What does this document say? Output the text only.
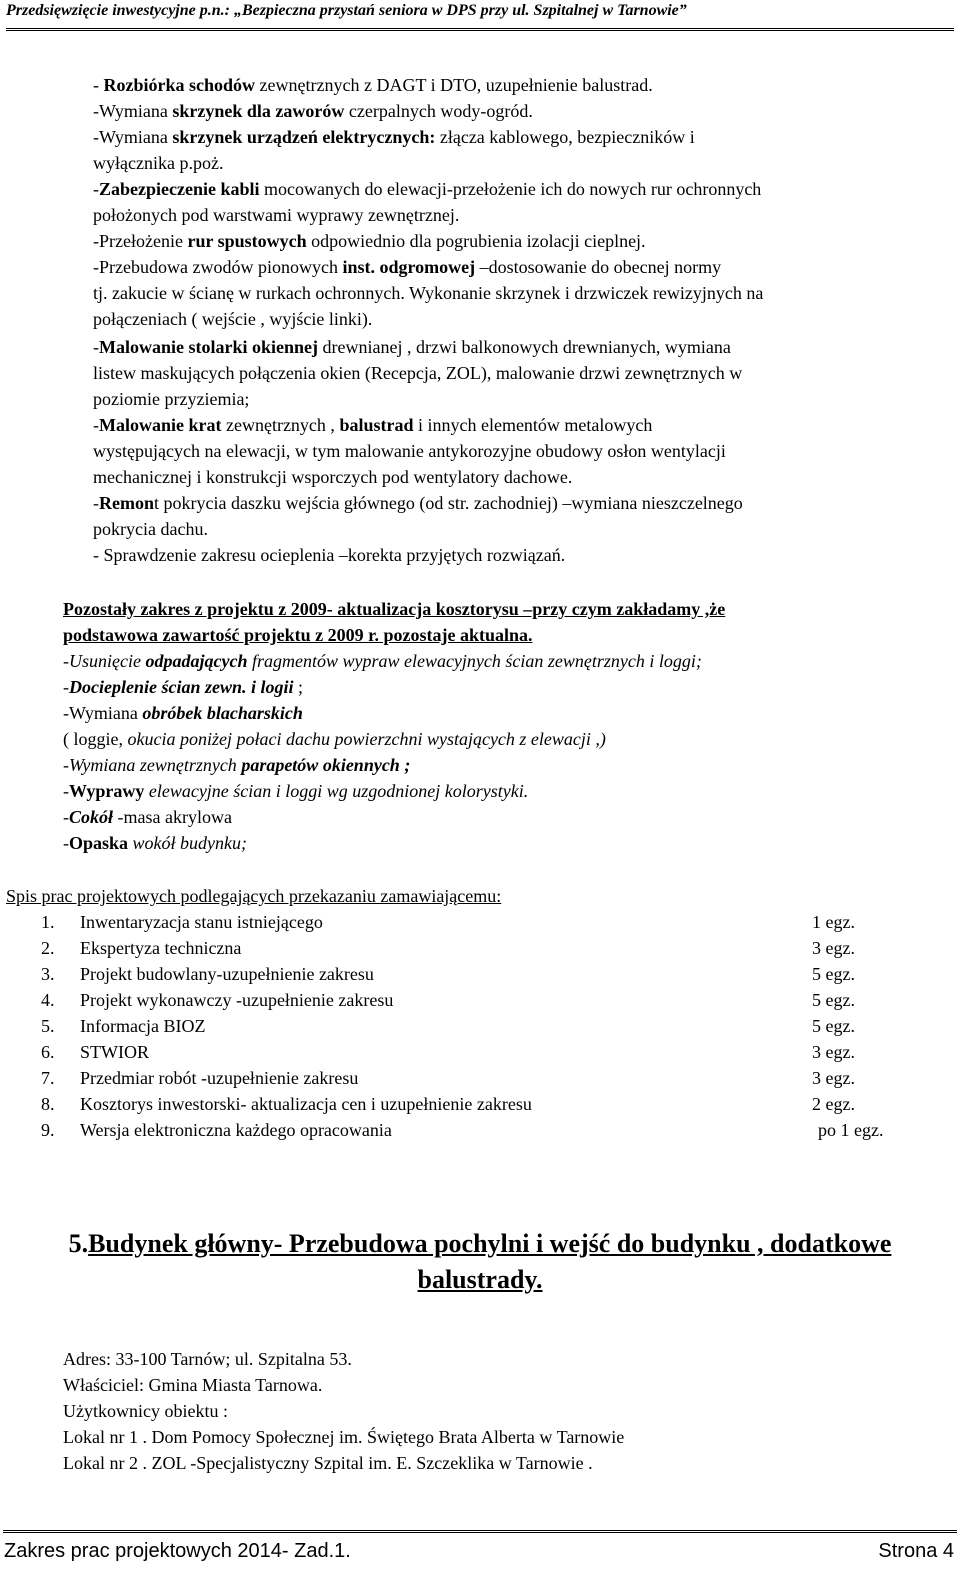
Przedsięwzięcie inwestycyjne p.n.: „Bezpieczna przystań seniora w DPS przy ul. Szpitalnej w Tarnowie”
- Rozbiórka schodów zewnętrznych z DAGT i DTO, uzupełnienie balustrad.
-Wymiana skrzynek dla zaworów czerpalnych wody-ogród.
-Wymiana skrzynek urządzeń elektrycznych: złącza kablowego, bezpieczników i
wyłącznika p.poż.
-Zabezpieczenie kabli mocowanych do elewacji-przełożenie ich do nowych rur ochronnych
położonych pod warstwami wyprawy zewnętrznej.
-Przełożenie rur spustowych odpowiednio dla pogrubienia izolacji cieplnej.
-Przebudowa zwodów pionowych inst. odgromowej –dostosowanie do obecnej normy
tj. zakucie w ścianę w rurkach ochronnych. Wykonanie skrzynek i drzwiczek rewizyjnych na
połączeniach ( wejście , wyjście linki).
-Malowanie stolarki okiennej drewnianej , drzwi balkonowych drewnianych, wymiana
listew maskujących połączenia okien (Recepcja, ZOL), malowanie drzwi zewnętrznych w
poziomie przyziemia;
-Malowanie krat zewnętrznych , balustrad i innych elementów metalowych
występujących na elewacji, w tym malowanie antykorozyjne obudowy osłon wentylacji
mechanicznej i konstrukcji wsporczych pod wentylatory dachowe.
-Remont pokrycia daszku wejścia głównego (od str. zachodniej) –wymiana nieszczelnego
pokrycia dachu.
- Sprawdzenie zakresu ocieplenia –korekta przyjętych rozwiązań.
Pozostały zakres z projektu z 2009- aktualizacja kosztorysu –przy czym zakładamy ,że
podstawowa zawartość projektu z 2009 r. pozostaje aktualna.
-Usunięcie odpadających fragmentów wypraw elewacyjnych ścian zewnętrznych i loggi;
-Docieplenie ścian zewn. i logii ;
-Wymiana obróbek blacharskich
( loggie, okucia poniżej połaci dachu powierzchni wystających z elewacji ,)
-Wymiana zewnętrznych parapetów okiennych ;
-Wyprawy elewacyjne ścian i loggi wg uzgodnionej kolorystyki.
-Cokół -masa akrylowa
-Opaska wokół budynku;
Spis prac projektowych podlegających przekazaniu zamawiającemu:
1. Inwentaryzacja stanu istniejącego	1 egz.
2. Ekspertyza techniczna	3 egz.
3. Projekt budowlany-uzupełnienie zakresu	5 egz.
4. Projekt wykonawczy -uzupełnienie zakresu	5 egz.
5. Informacja BIOZ	5 egz.
6. STWIOR	3 egz.
7. Przedmiar robót -uzupełnienie zakresu	3 egz.
8. Kosztorys inwestorski- aktualizacja cen i uzupełnienie zakresu	2 egz.
9. Wersja elektroniczna każdego opracowania	po 1 egz.
5.Budynek główny- Przebudowa pochylni i wejść do budynku , dodatkowe
balustrady.
Adres: 33-100 Tarnów; ul. Szpitalna 53.
Właściciel: Gmina Miasta Tarnowa.
Użytkownicy obiektu :
Lokal nr 1 . Dom Pomocy Społecznej im. Świętego Brata Alberta w Tarnowie
Lokal nr 2 . ZOL -Specjalistyczny Szpital im. E. Szczeklika w Tarnowie .
Zakres prac projektowych 2014- Zad.1.	Strona 4
